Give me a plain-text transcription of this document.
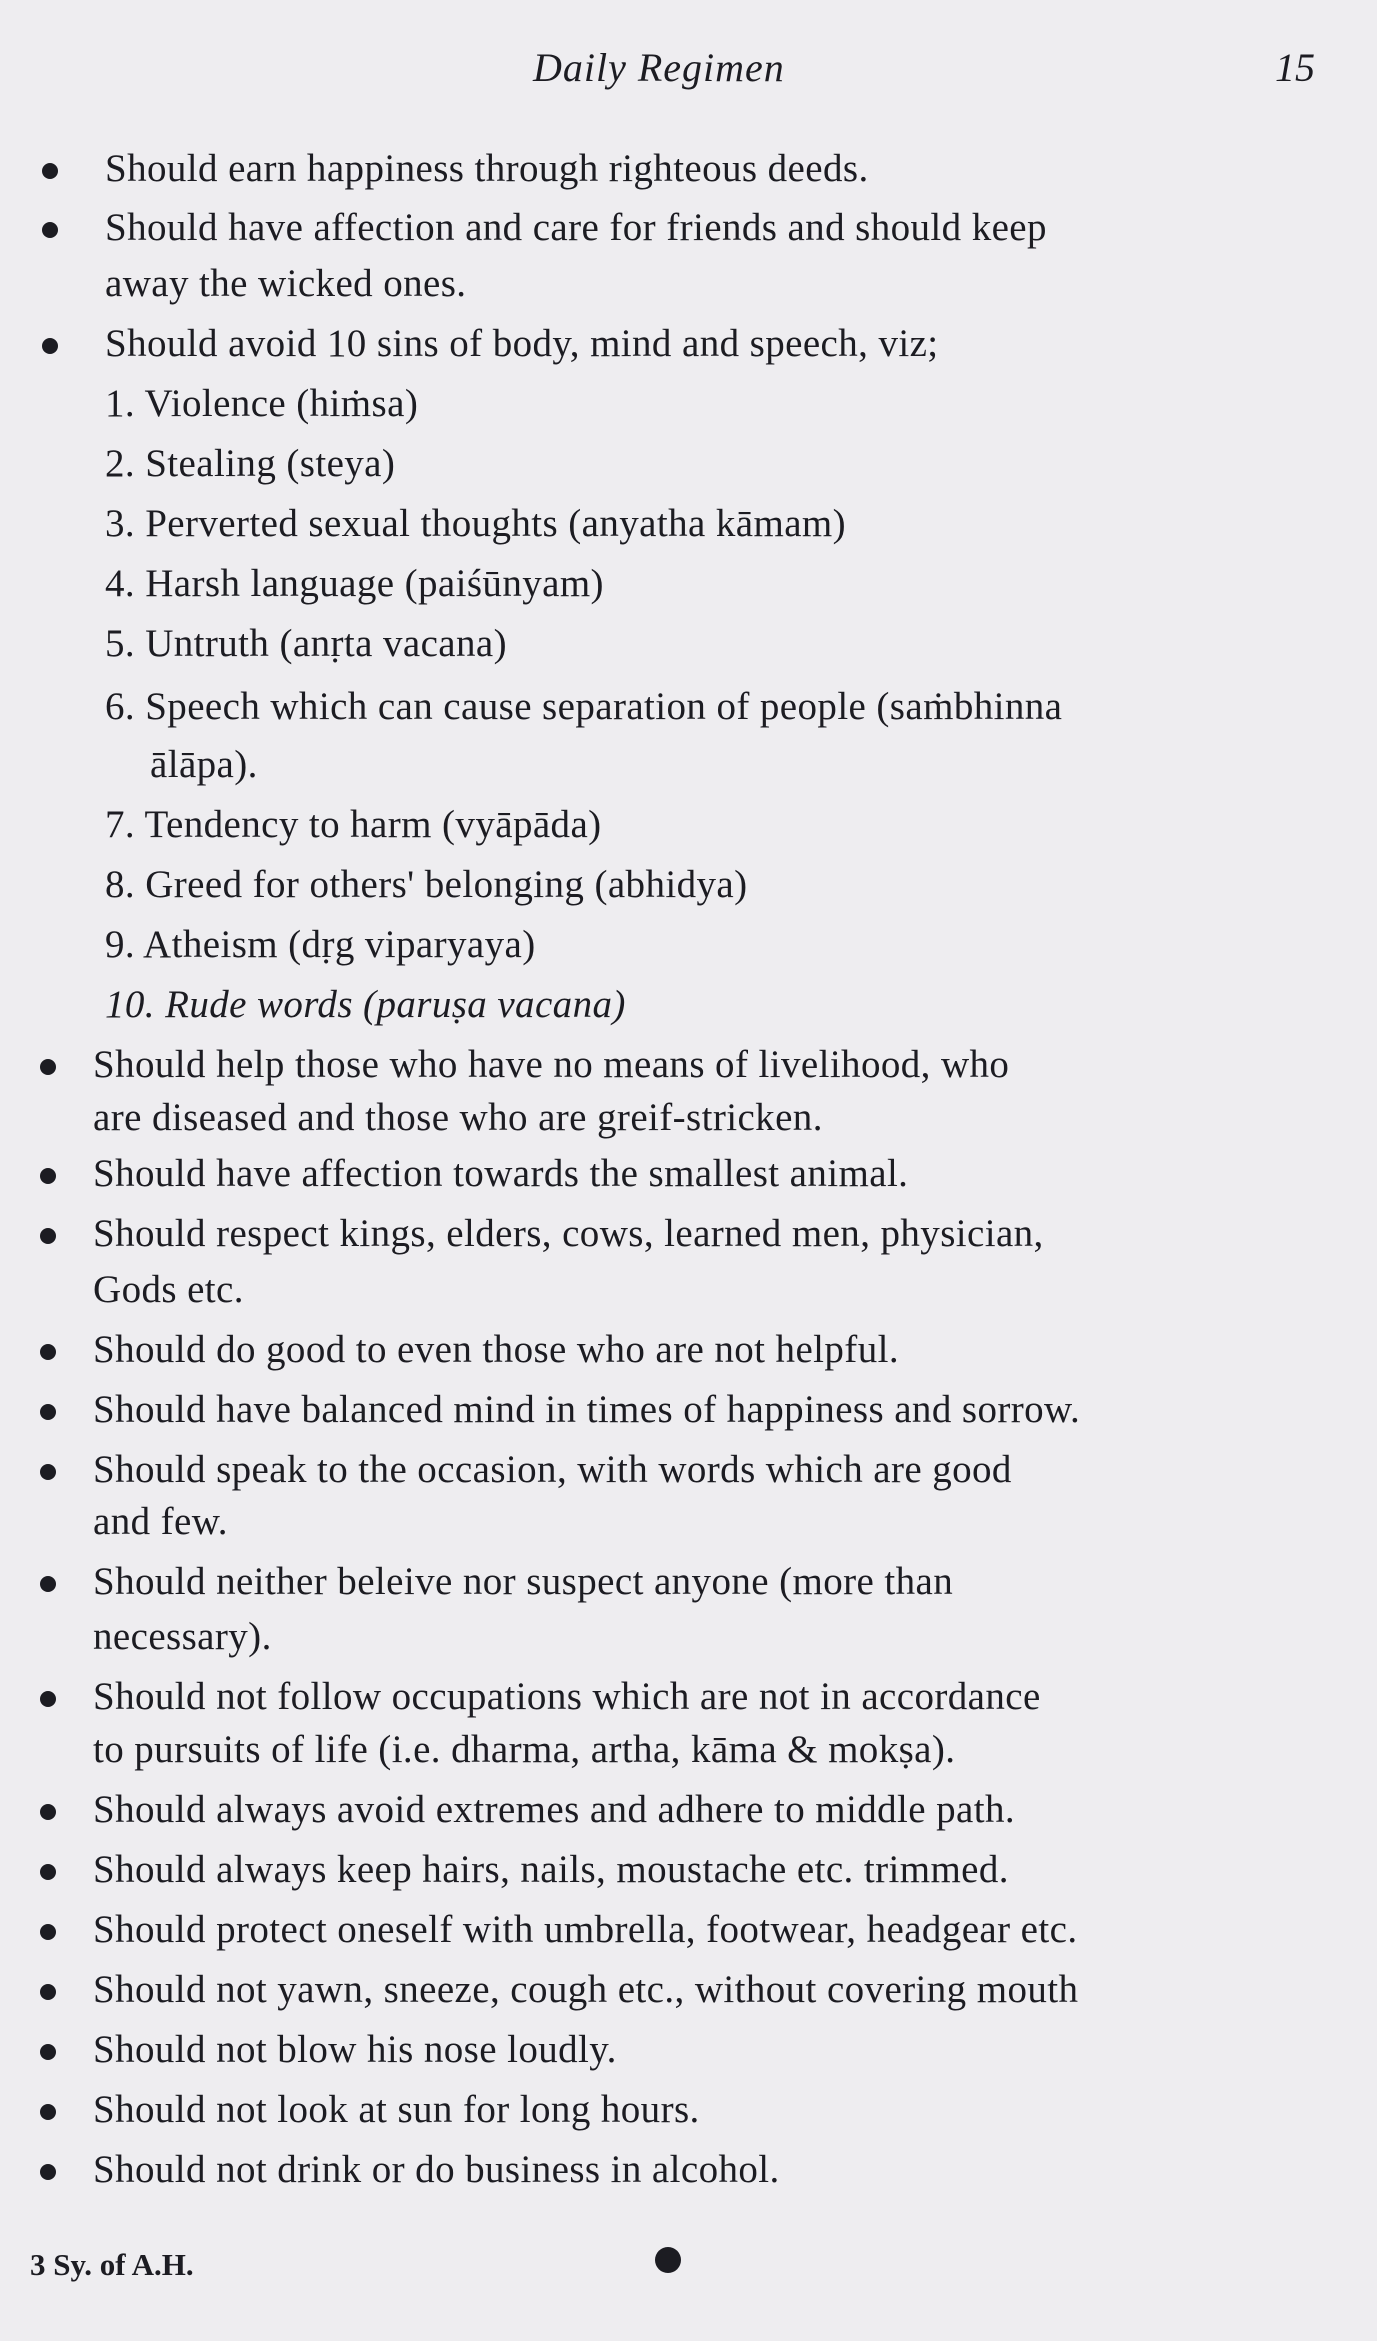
Daily Regimen	15
Should earn happiness through righteous deeds.
Should have affection and care for friends and should keep
away the wicked ones.
Should avoid 10 sins of body, mind and speech, viz;
1. Violence (hiṁsa)
2. Stealing (steya)
3. Perverted sexual thoughts (anyatha kāmam)
4. Harsh language (paiśūnyam)
5. Untruth (anṛta vacana)
6. Speech which can cause separation of people (saṁbhinna
ālāpa).
7. Tendency to harm (vyāpāda)
8. Greed for others' belonging (abhidya)
9. Atheism (dṛg viparyaya)
10. Rude words (paruṣa vacana)
Should help those who have no means of livelihood, who
are diseased and those who are greif-stricken.
Should have affection towards the smallest animal.
Should respect kings, elders, cows, learned men, physician,
Gods etc.
Should do good to even those who are not helpful.
Should have balanced mind in times of happiness and sorrow.
Should speak to the occasion, with words which are good
and few.
Should neither beleive nor suspect anyone (more than
necessary).
Should not follow occupations which are not in accordance
to pursuits of life (i.e. dharma, artha, kāma & mokṣa).
Should always avoid extremes and adhere to middle path.
Should always keep hairs, nails, moustache etc. trimmed.
Should protect oneself with umbrella, footwear, headgear etc.
Should not yawn, sneeze, cough etc., without covering mouth
Should not blow his nose loudly.
Should not look at sun for long hours.
Should not drink or do business in alcohol.
3 Sy. of A.H.
